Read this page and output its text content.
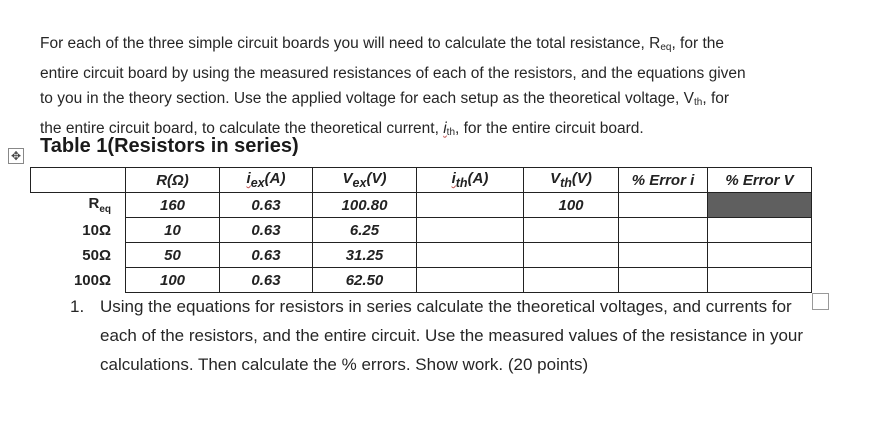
For each of the three simple circuit boards you will need to calculate the total resistance, $R_{eq}$, for the
entire circuit board by using the measured resistances of each of the resistors, and the equations given
to you in the theory section. Use the applied voltage for each setup as the theoretical voltage, $V_{th}$, for
the entire circuit board, to calculate the theoretical current, $i_{th}$, for the entire circuit board.
✥ Table 1(Resistors in series)
	R(Ω)	$i_{ex}(A)$	$V_{ex}(V)$	$i_{th}(A)$	$V_{th}(V)$	% Error i	% Error V
$R_{eq}$	160	0.63	100.80		100		
10Ω	10	0.63	6.25				
50Ω	50	0.63	31.25				
100Ω	100	0.63	62.50				
1. Using the equations for resistors in series calculate the theoretical voltages, and currents for each of the resistors, and the entire circuit. Use the measured values of the resistance in your calculations. Then calculate the % errors. Show work. (20 points)
